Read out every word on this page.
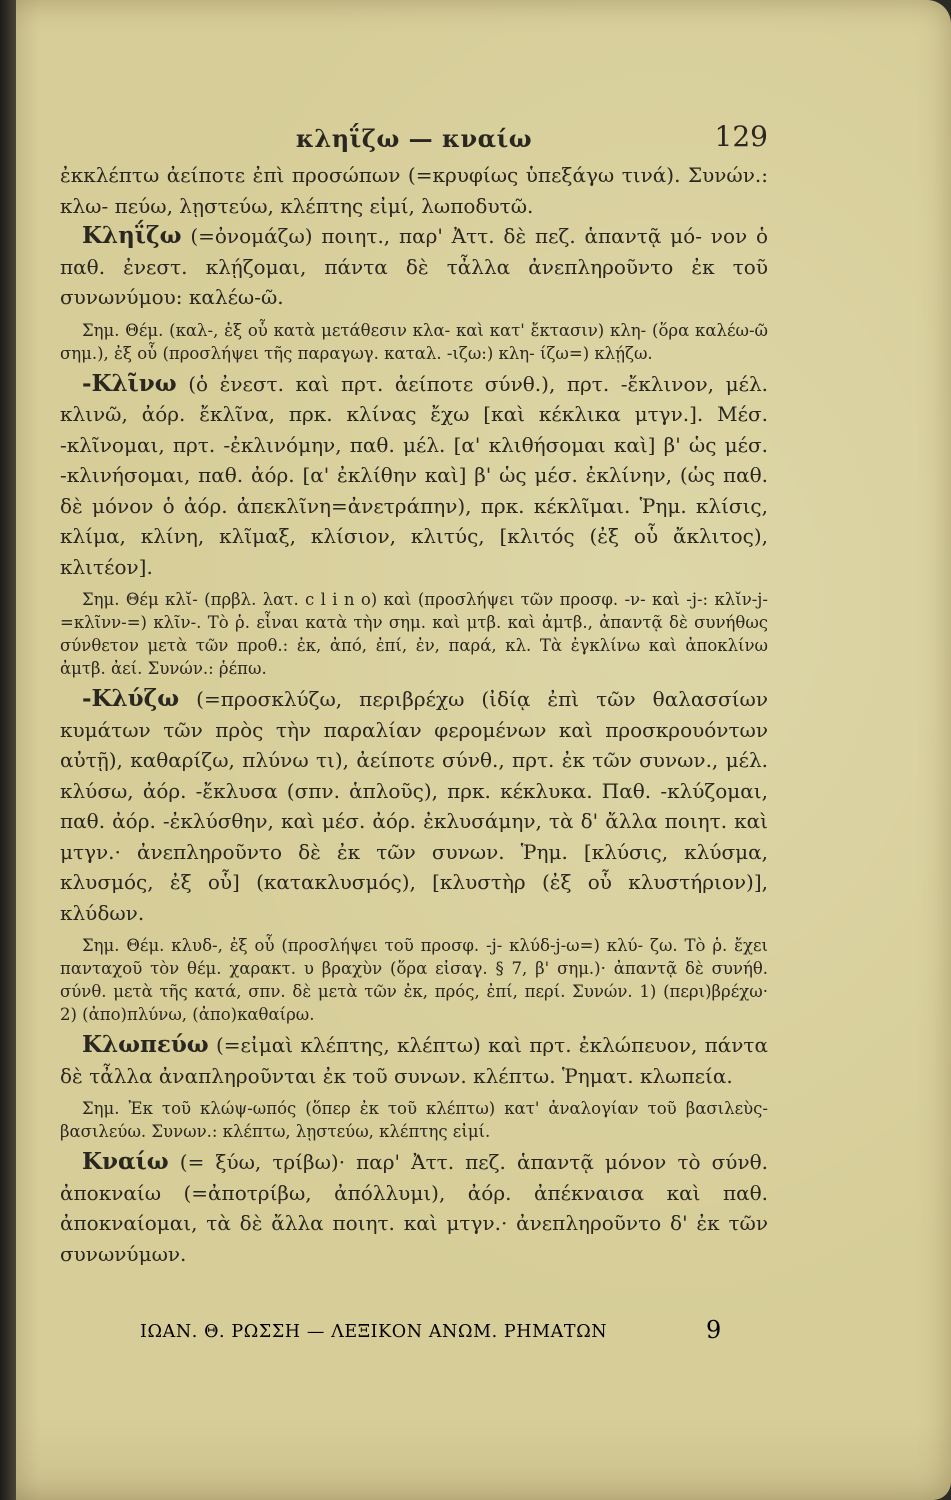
κληΐζω — κναίω	129

ἐκκλέπτω ἀείποτε ἐπὶ προσώπων (=κρυφίως ὑπεξάγω τινά). Συνών.: κλω- πεύω, λῃστεύω, κλέπτης εἰμί, λωποδυτῶ.

Κληΐζω (=ὀνομάζω) ποιητ., παρ' Ἀττ. δὲ πεζ. ἁπαντᾷ μό- νον ὁ παθ. ἐνεστ. κλῄζομαι, πάντα δὲ τἆλλα ἀνεπληροῦντο ἐκ τοῦ συνωνύμου: καλέω-ῶ.

Σημ. Θέμ. (καλ-, ἐξ οὗ κατὰ μετάθεσιν κλα- καὶ κατ' ἔκτασιν) κλη- (ὅρα καλέω-ῶ σημ.), ἐξ οὗ (προσλήψει τῆς παραγωγ. καταλ. -ιζω:) κλη- ίζω=) κλῄζω.

-Κλῖνω (ὁ ἐνεστ. καὶ πρτ. ἀείποτε σύνθ.), πρτ. -ἔκλινον, μέλ. κλινῶ, ἀόρ. ἔκλῖνα, πρκ. κλίνας ἔχω [καὶ κέκλικα μτγν.]. Μέσ. -κλῖνομαι, πρτ. -ἐκλινόμην, παθ. μέλ. [α' κλιθήσομαι καὶ] β' ὡς μέσ. -κλινήσομαι, παθ. ἀόρ. [α' ἐκλίθην καὶ] β' ὡς μέσ. ἐκλίνην, (ὡς παθ. δὲ μόνον ὁ ἀόρ. ἀπεκλῖνη=ἀνετράπην), πρκ. κέκλῖμαι. Ῥημ. κλίσις, κλίμα, κλίνη, κλῖμαξ, κλίσιον, κλιτύς, [κλιτός (ἐξ οὗ ἄκλιτος), κλιτέον].

Σημ. Θέμ κλῐ- (πρβλ. λατ. c l i n o) καὶ (προσλήψει τῶν προσφ. -ν- καὶ -j-: κλῐν-j-=κλῖνν-=) κλῖν-. Τὸ ῥ. εἶναι κατὰ τὴν σημ. καὶ μτβ. καὶ ἀμτβ., ἀπαντᾷ δὲ συνήθως σύνθετον μετὰ τῶν προθ.: ἐκ, ἀπό, ἐπί, ἐν, παρά, κλ. Τὰ ἐγκλίνω καὶ ἀποκλίνω ἀμτβ. ἀεί. Συνών.: ῥέπω.

-Κλύζω (=προσκλύζω, περιβρέχω (ἰδίᾳ ἐπὶ τῶν θαλασσίων κυμάτων τῶν πρὸς τὴν παραλίαν φερομένων καὶ προσκρουόντων αὐτῇ), καθαρίζω, πλύνω τι), ἀείποτε σύνθ., πρτ. ἐκ τῶν συνων., μέλ. κλύσω, ἀόρ. -ἔκλυσα (σπν. ἁπλοῦς), πρκ. κέκλυκα. Παθ. -κλύζομαι, παθ. ἀόρ. -ἐκλύσθην, καὶ μέσ. ἀόρ. ἐκλυσάμην, τὰ δ' ἄλλα ποιητ. καὶ μτγν.· ἀνεπληροῦντο δὲ ἐκ τῶν συνων. Ῥημ. [κλύσις, κλύσμα, κλυσμός, ἐξ οὗ] (κατακλυσμός), [κλυστὴρ (ἐξ οὗ κλυστήριον)], κλύδων.

Σημ. Θέμ. κλυδ-, ἐξ οὗ (προσλήψει τοῦ προσφ. -j- κλύδ-j-ω=) κλύ- ζω. Τὸ ῥ. ἔχει πανταχοῦ τὸν θέμ. χαρακτ. υ βραχὺν (ὅρα εἰσαγ. § 7, β' σημ.)· ἀπαντᾷ δὲ συνήθ. σύνθ. μετὰ τῆς κατά, σπν. δὲ μετὰ τῶν ἐκ, πρός, ἐπί, περί. Συνών. 1) (περι)βρέχω· 2) (ἀπο)πλύνω, (ἀπο)καθαίρω.

Κλωπεύω (=εἰμαὶ κλέπτης, κλέπτω) καὶ πρτ. ἐκλώπευον, πάντα δὲ τἆλλα ἀναπληροῦνται ἐκ τοῦ συνων. κλέπτω. Ῥηματ. κλωπεία.

Σημ. Ἐκ τοῦ κλώψ-ωπός (ὅπερ ἐκ τοῦ κλέπτω) κατ' ἀναλογίαν τοῦ βασιλεὺς-βασιλεύω. Συνων.: κλέπτω, λῃστεύω, κλέπτης εἰμί.

Κναίω (= ξύω, τρίβω)· παρ' Ἀττ. πεζ. ἁπαντᾷ μόνον τὸ σύνθ. ἀποκναίω (=ἀποτρίβω, ἀπόλλυμι), ἀόρ. ἀπέκναισα καὶ παθ. ἀποκναίομαι, τὰ δὲ ἄλλα ποιητ. καὶ μτγν.· ἀνεπληροῦντο δ' ἐκ τῶν συνωνύμων.

ΙΩΑΝ. Θ. ΡΩΣΣΗ — ΛΕΞΙΚΟΝ ΑΝΩΜ. ΡΗΜΑΤΩΝ	9
